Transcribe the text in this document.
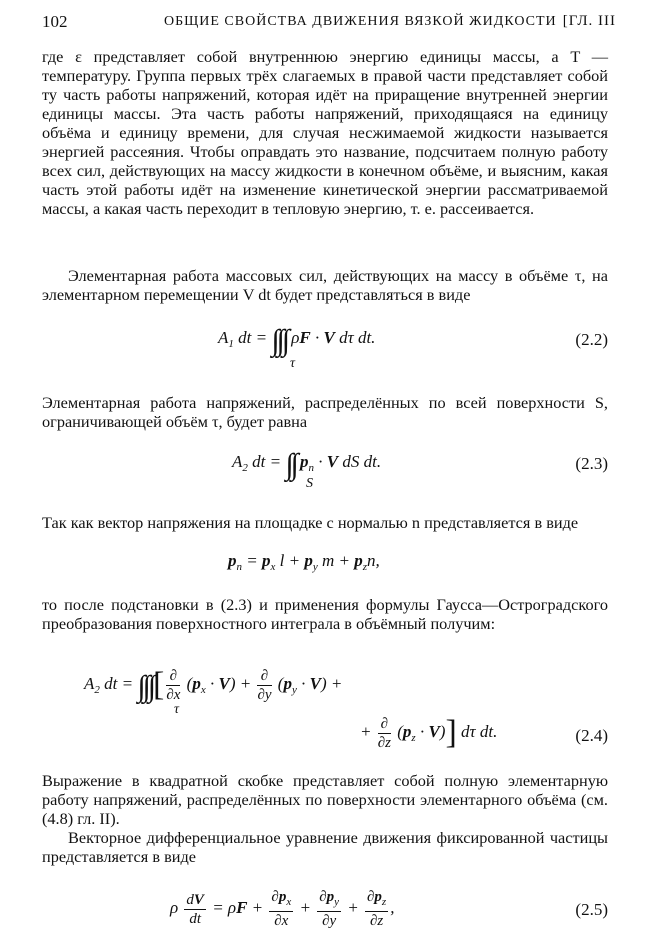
102	ОБЩИЕ СВОЙСТВА ДВИЖЕНИЯ ВЯЗКОЙ ЖИДКОСТИ [ГЛ. III

где ε представляет собой внутреннюю энергию единицы массы, а T — температуру. Группа первых трёх слагаемых в правой части представляет собой ту часть работы напряжений, которая идёт на приращение внутренней энергии единицы массы. Эта часть работы напряжений, приходящаяся на единицу объёма и единицу времени, для случая несжимаемой жидкости называется энергией рассеяния. Чтобы оправдать это название, подсчитаем полную работу всех сил, действующих на массу жидкости в конечном объёме, и выясним, какая часть этой работы идёт на изменение кинетической энергии рассматриваемой массы, а какая часть переходит в тепловую энергию, т. е. рассеивается.

Элементарная работа массовых сил, действующих на массу в объёме τ, на элементарном перемещении V dt будет представляться в виде

$A_1$ dt = ∫∫∫ ρF · V dτ dt.
τ
(2.2)

Элементарная работа напряжений, распределённых по всей поверхности S, ограничивающей объём τ, будет равна

$A_2$ dt = ∫∫ $p_n \cdot V$ dS dt.
S
(2.3)

Так как вектор напряжения на площадке с нормалью n представляется в виде

$p_n = p_x$ $l + p_y$ $m + p_zn$,

то после подстановки в (2.3) и применения формулы Гаусса—Остроградского преобразования поверхностного интеграла в объёмный получим:

$A_2$ dt = ∫∫∫[ ∂
∂x
$(p_x \cdot V)$ + ∂
∂y
$(p_y \cdot V)$ +
τ
+ ∂
∂z
$(p_z \cdot V)$] dτ dt.	(2.4)

Выражение в квадратной скобке представляет собой полную элементарную работу напряжений, распределённых по поверхности элементарного объёма (см. (4.8) гл. II).

Векторное дифференциальное уравнение движения фиксированной частицы представляется в виде

ρ $\frac{dV}{dt} = \rho F + \frac{\partial p_x}{\partial x} + \frac{\partial p_y}{\partial y} + \frac{\partial p_z}{\partial z}$ ,	(2.5)
